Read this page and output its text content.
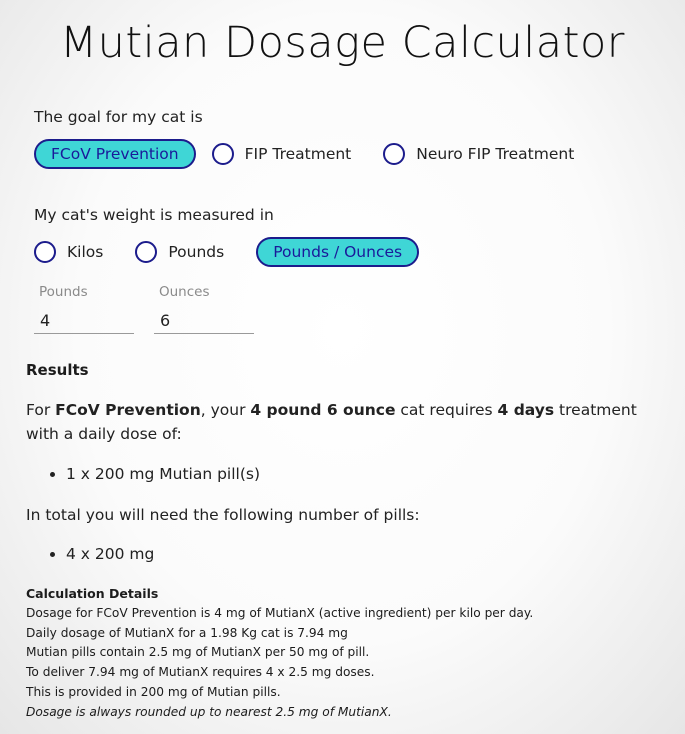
Mutian Dosage Calculator
The goal for my cat is
FCoV Prevention	FIP Treatment	Neuro FIP Treatment
My cat's weight is measured in
Kilos	Pounds	Pounds / Ounces
Pounds
4	Ounces
6
Results
For FCoV Prevention, your 4 pound 6 ounce cat requires 4 days treatment with a daily dose of:
• 1 x 200 mg Mutian pill(s)
In total you will need the following number of pills:
• 4 x 200 mg
Calculation Details
Dosage for FCoV Prevention is 4 mg of MutianX (active ingredient) per kilo per day.
Daily dosage of MutianX for a 1.98 Kg cat is 7.94 mg
Mutian pills contain 2.5 mg of MutianX per 50 mg of pill.
To deliver 7.94 mg of MutianX requires 4 x 2.5 mg doses.
This is provided in 200 mg of Mutian pills.
Dosage is always rounded up to nearest 2.5 mg of MutianX.
